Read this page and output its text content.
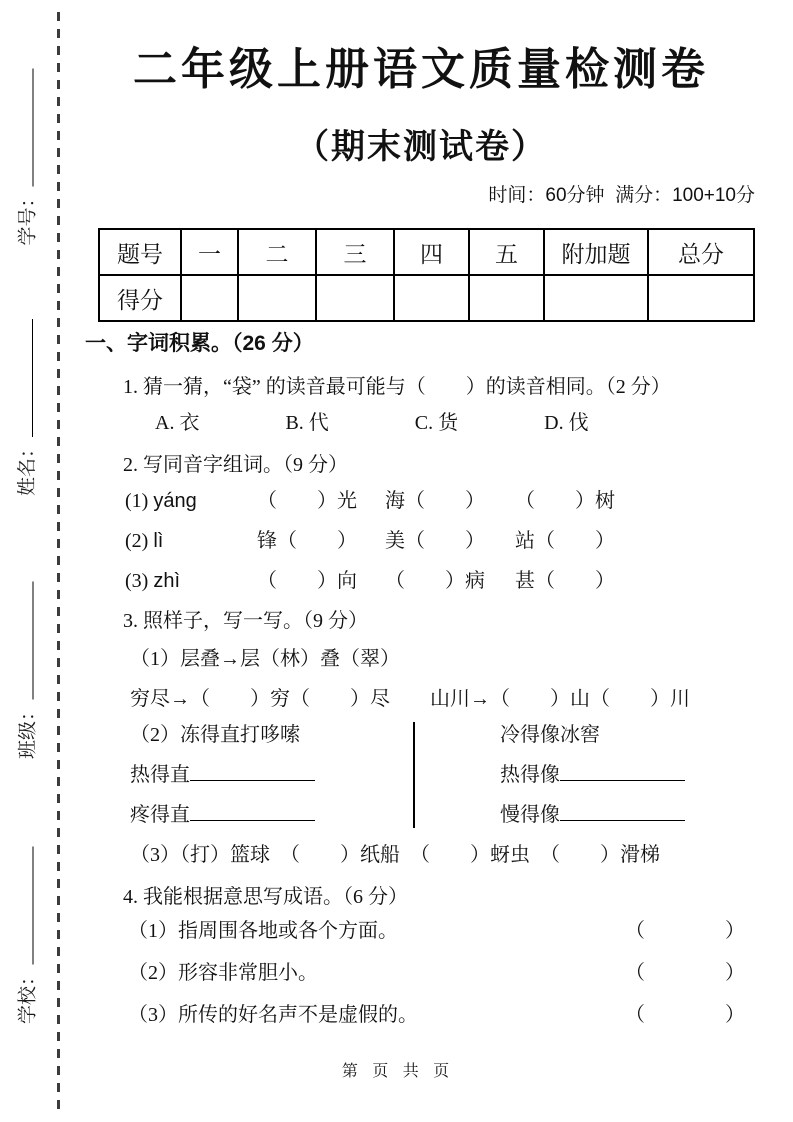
学号：
姓名：
班级：
学校：
二年级上册语文质量检测卷
（期末测试卷）
时间：60分钟  满分：100+10分
题号	一	二	三	四	五	附加题	总分
得分							
一、字词积累。（26 分）
1. 猜一猜，“袋” 的读音最可能与（　　）的读音相同。（2 分）
A. 衣	B. 代	C. 货	D. 伐
2. 写同音字组词。（9 分）
(1) yáng	（　　）光	海（　　）	（　　）树
(2) lì	锋（　　）	美（　　）	站（　　）
(3) zhì	（　　）向	（　　）病	甚（　　）
3. 照样子，写一写。（9 分）
（1）层叠→层（林）叠（翠）
穷尽→（　　）穷（　　）尽　　山川→（　　）山（　　）川
（2）冻得直打哆嗦	冷得像冰窖
热得直	热得像
疼得直	慢得像
（3）（打）篮球　（　　）纸船　（　　）蚜虫　（　　）滑梯
4. 我能根据意思写成语。（6 分）
（1）指周围各地或各个方面。	（　　　　）
（2）形容非常胆小。	（　　　　）
（3）所传的好名声不是虚假的。	（　　　　）
第 页 共 页
